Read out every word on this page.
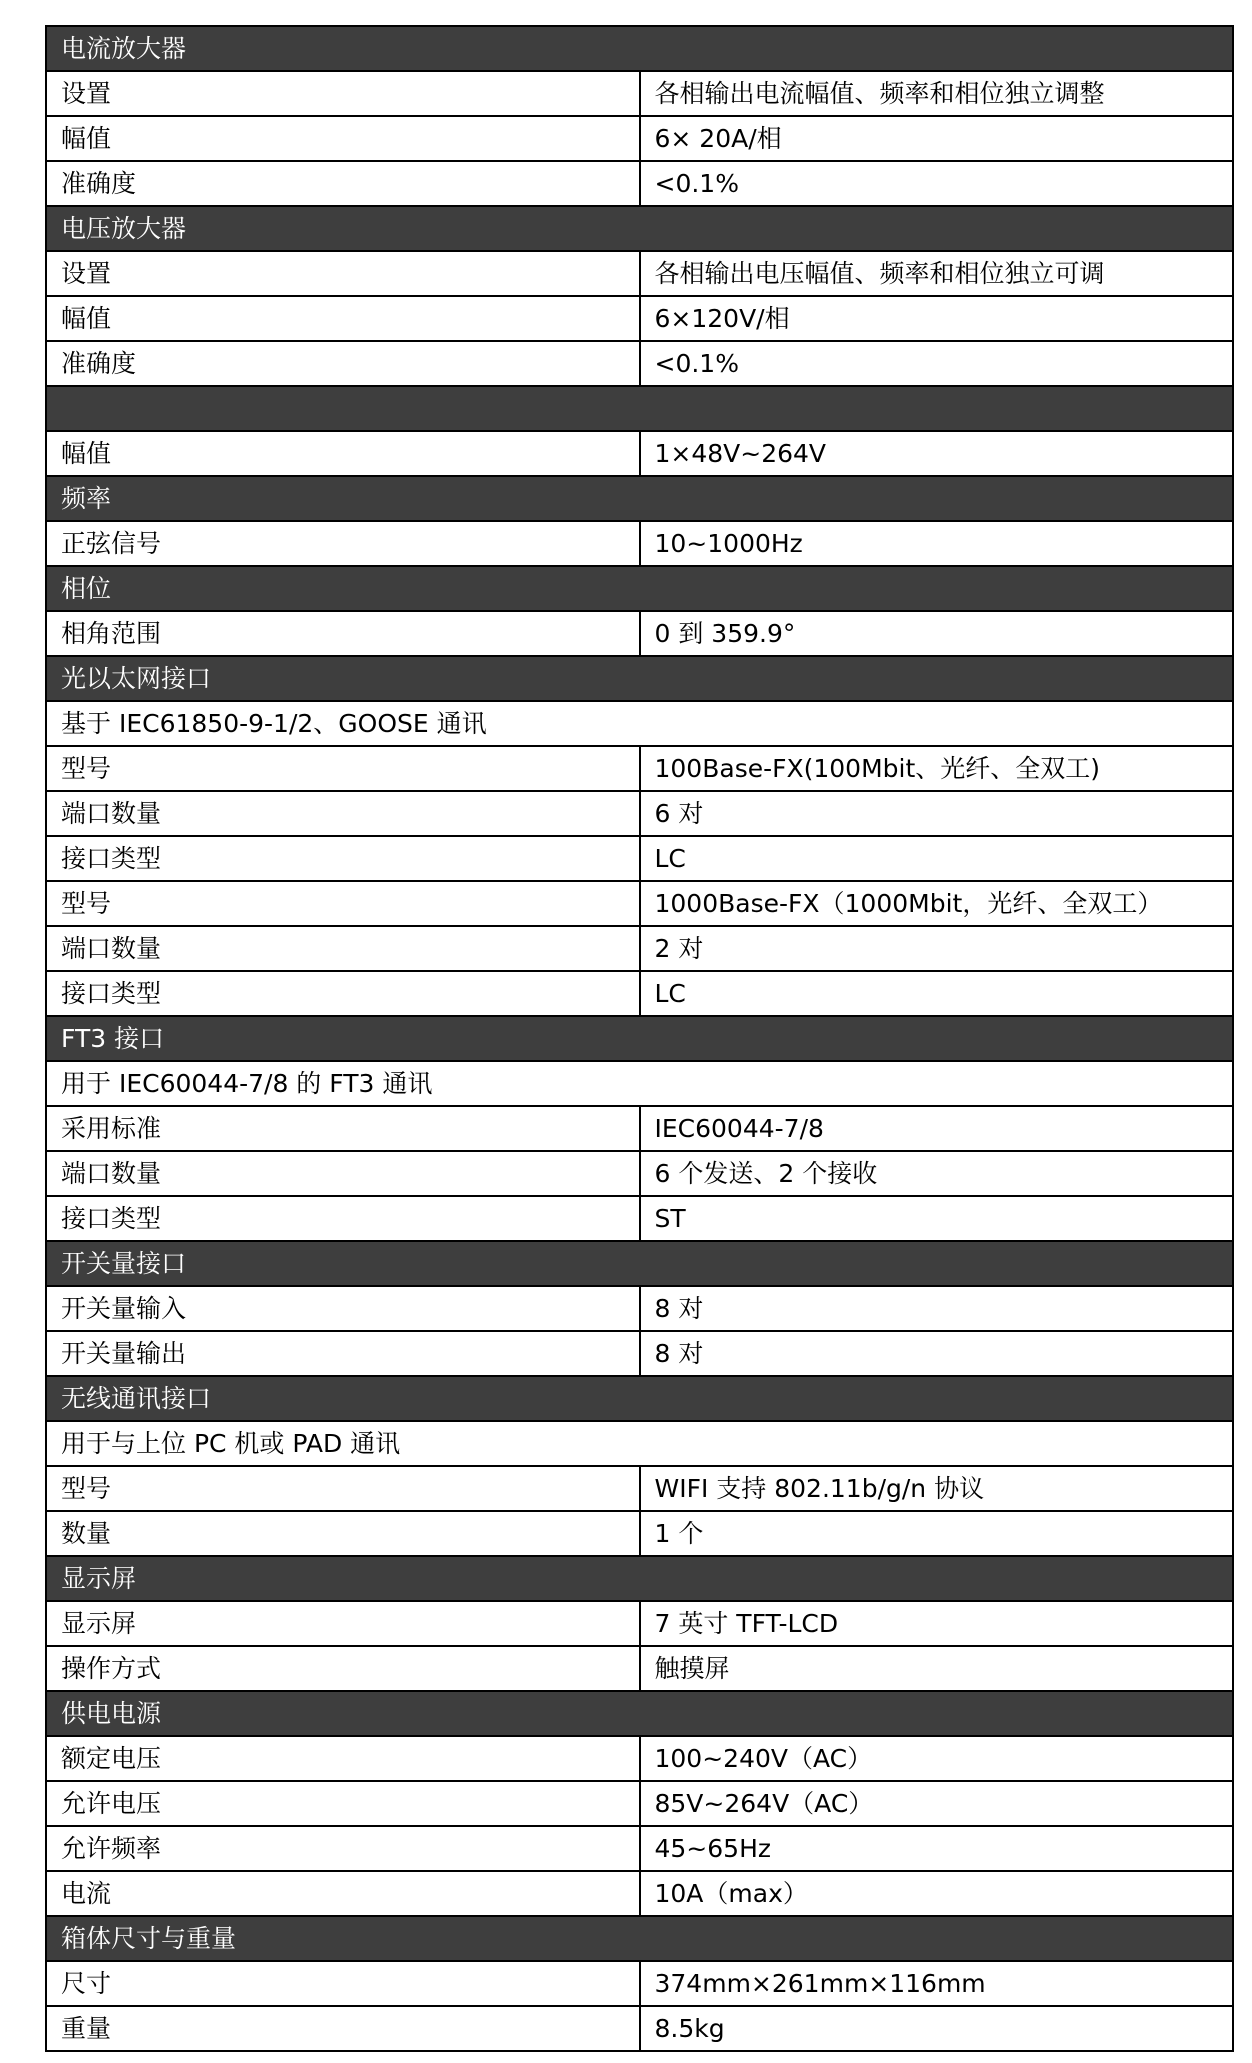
电流放大器	
设置	各相输出电流幅值、频率和相位独立调整
幅值	6× 20A/相
准确度	<0.1%
电压放大器	
设置	各相输出电压幅值、频率和相位独立可调
幅值	6×120V/相
准确度	<0.1%

幅值	1×48V~264V
频率	
正弦信号	10~1000Hz
相位	
相角范围	0 到 359.9°
光以太网接口	
基于 IEC61850-9-1/2、GOOSE 通讯	
型号	100Base-FX(100Mbit、光纤、全双工)
端口数量	6 对
接口类型	LC
型号	1000Base-FX（1000Mbit，光纤、全双工）
端口数量	2 对
接口类型	LC
FT3 接口	
用于 IEC60044-7/8 的 FT3 通讯	
采用标准	IEC60044-7/8
端口数量	6 个发送、2 个接收
接口类型	ST
开关量接口	
开关量输入	8 对
开关量输出	8 对
无线通讯接口	
用于与上位 PC 机或 PAD 通讯	
型号	WIFI 支持 802.11b/g/n 协议
数量	1 个
显示屏	
显示屏	7 英寸 TFT-LCD
操作方式	触摸屏
供电电源	
额定电压	100~240V（AC）
允许电压	85V~264V（AC）
允许频率	45~65Hz
电流	10A（max）
箱体尺寸与重量	
尺寸	374mm×261mm×116mm
重量	8.5kg
